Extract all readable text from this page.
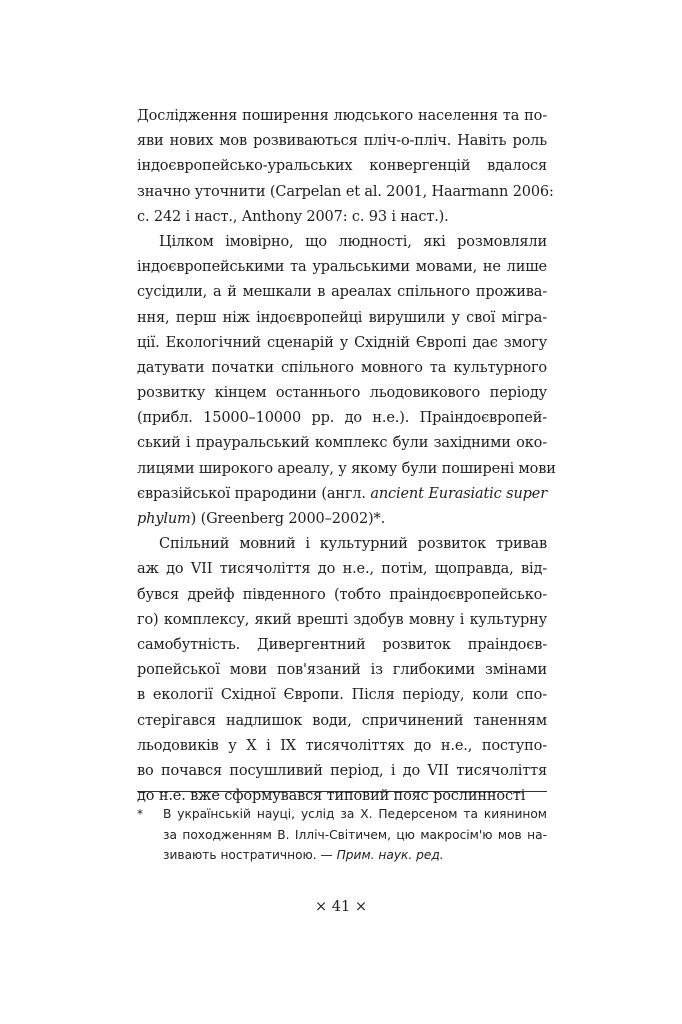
Дослідження поширення людського населення та по-
яви нових мов розвиваються пліч-о-пліч. Навіть роль
індоєвропейсько-уральських конвергенцій вдалося
значно уточнити (Carpelan et al. 2001, Haarmann 2006:
с. 242 і наст., Anthony 2007: с. 93 і наст.).
Цілком імовірно, що людності, які розмовляли
індоєвропейськими та уральськими мовами, не лише
сусідили, а й мешкали в ареалах спільного прожива-
ння, перш ніж індоєвропейці вирушили у свої мігра-
ції. Екологічний сценарій у Східній Європі дає змогу
датувати початки спільного мовного та культурного
розвитку кінцем останнього льодовикового періоду
(прибл. 15000–10000 рр. до н.е.). Праіндоєвропей-
ський і прауральський комплекс були західними око-
лицями широкого ареалу, у якому були поширені мови
євразійської прародини (англ. ancient Eurasiatic super
phylum) (Greenberg 2000–2002)*.
Спільний мовний і культурний розвиток тривав
аж до VII тисячоліття до н.е., потім, щоправда, від-
бувся дрейф південного (тобто праіндоєвропейсько-
го) комплексу, який врешті здобув мовну і культурну
самобутність. Дивергентний розвиток праіндоєв-
ропейської мови пов'язаний із глибокими змінами
в екології Східної Європи. Після періоду, коли спо-
стерігався надлишок води, спричинений таненням
льодовиків у X і IX тисячоліттях до н.е., поступо-
во почався посушливий період, і до VII тисячоліття
до н.е. вже сформувався типовий пояс рослинності
*	В українській науці, услід за Х. Педерсеном та киянином
за походженням В. Ілліч-Світичем, цю макросім'ю мов на-
зивають ностратичною. — Прим. наук. ред.
× 41 ×
